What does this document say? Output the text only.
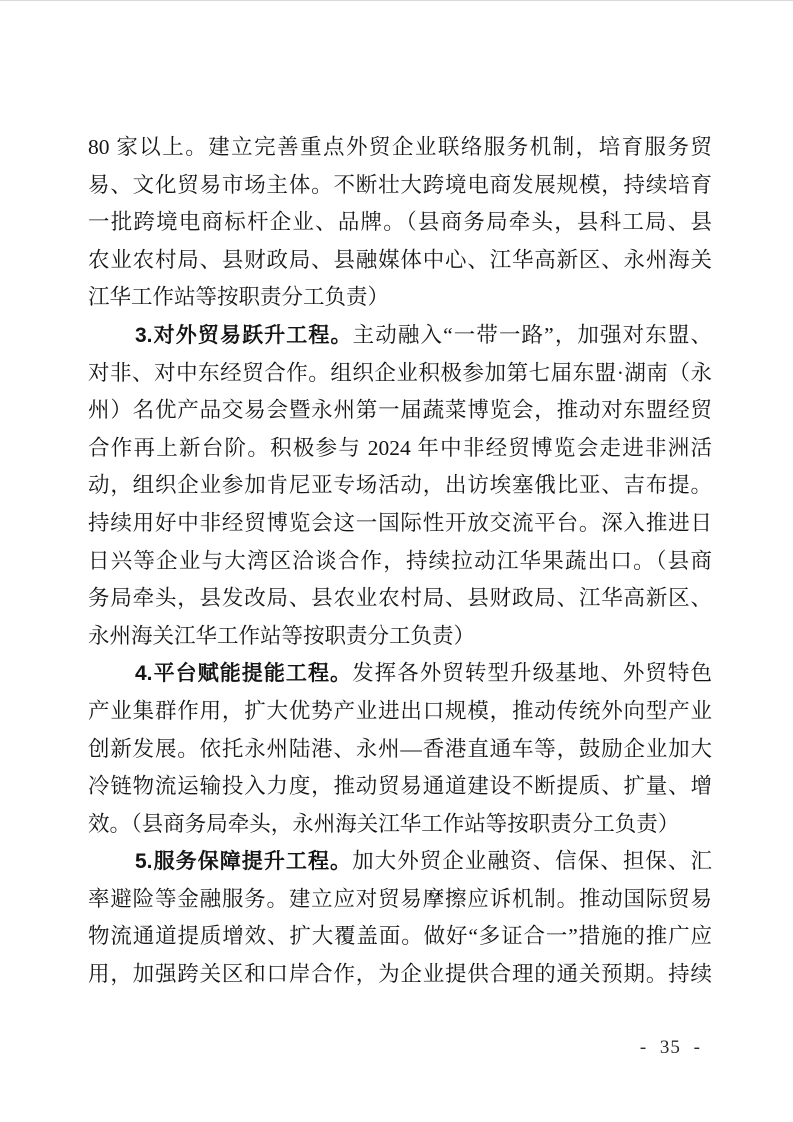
80 家以上。建立完善重点外贸企业联络服务机制，培育服务贸
易、文化贸易市场主体。不断壮大跨境电商发展规模，持续培育
一批跨境电商标杆企业、品牌。（县商务局牵头，县科工局、县
农业农村局、县财政局、县融媒体中心、江华高新区、永州海关
江华工作站等按职责分工负责）
3.对外贸易跃升工程。主动融入“一带一路”，加强对东盟、
对非、对中东经贸合作。组织企业积极参加第七届东盟·湖南（永
州）名优产品交易会暨永州第一届蔬菜博览会，推动对东盟经贸
合作再上新台阶。积极参与 2024 年中非经贸博览会走进非洲活
动，组织企业参加肯尼亚专场活动，出访埃塞俄比亚、吉布提。
持续用好中非经贸博览会这一国际性开放交流平台。深入推进日
日兴等企业与大湾区洽谈合作，持续拉动江华果蔬出口。（县商
务局牵头，县发改局、县农业农村局、县财政局、江华高新区、
永州海关江华工作站等按职责分工负责）
4.平台赋能提能工程。发挥各外贸转型升级基地、外贸特色
产业集群作用，扩大优势产业进出口规模，推动传统外向型产业
创新发展。依托永州陆港、永州—香港直通车等，鼓励企业加大
冷链物流运输投入力度，推动贸易通道建设不断提质、扩量、增
效。（县商务局牵头，永州海关江华工作站等按职责分工负责）
5.服务保障提升工程。加大外贸企业融资、信保、担保、汇
率避险等金融服务。建立应对贸易摩擦应诉机制。推动国际贸易
物流通道提质增效、扩大覆盖面。做好“多证合一”措施的推广应
用，加强跨关区和口岸合作，为企业提供合理的通关预期。持续
- 35 -
